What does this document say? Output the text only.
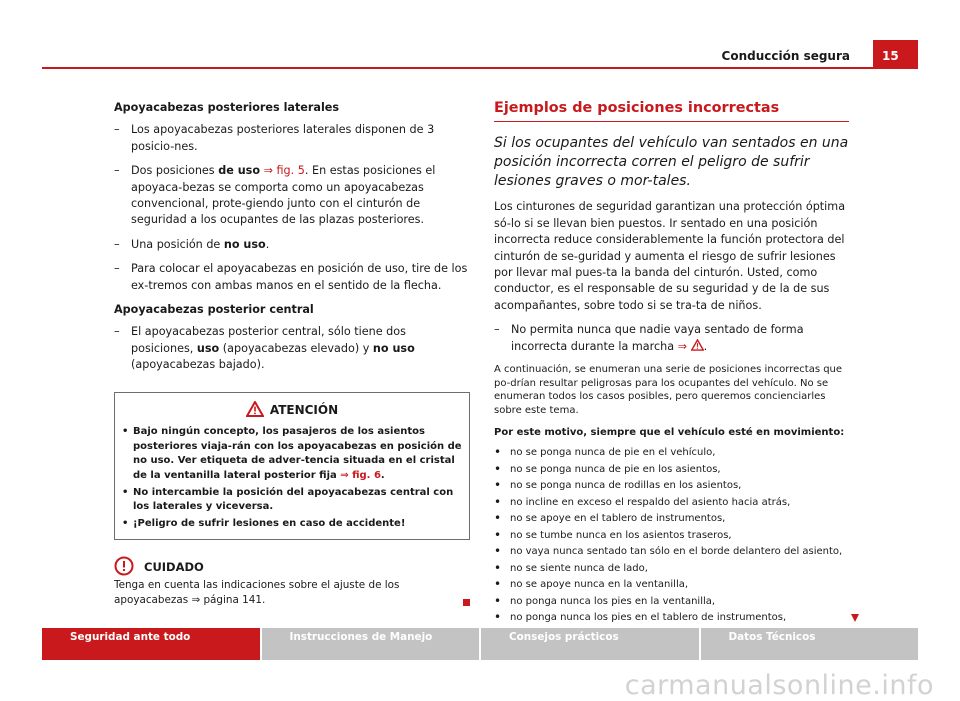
Conducción segura	15
Apoyacabezas posteriores laterales
– Los apoyacabezas posteriores laterales disponen de 3 posicio-nes.
– Dos posiciones de uso ⇒ fig. 5. En estas posiciones el apoyaca-bezas se comporta como un apoyacabezas convencional, prote-giendo junto con el cinturón de seguridad a los ocupantes de las plazas posteriores.
– Una posición de no uso.
– Para colocar el apoyacabezas en posición de uso, tire de los ex-tremos con ambas manos en el sentido de la flecha.
Apoyacabezas posterior central
– El apoyacabezas posterior central, sólo tiene dos posiciones, uso (apoyacabezas elevado) y no uso (apoyacabezas bajado).
ATENCIÓN
• Bajo ningún concepto, los pasajeros de los asientos posteriores viaja-rán con los apoyacabezas en posición de no uso. Ver etiqueta de adver-tencia situada en el cristal de la ventanilla lateral posterior fija ⇒ fig. 6.
• No intercambie la posición del apoyacabezas central con los laterales y viceversa.
• ¡Peligro de sufrir lesiones en caso de accidente!
CUIDADO
Tenga en cuenta las indicaciones sobre el ajuste de los apoyacabezas ⇒ página 141.
Ejemplos de posiciones incorrectas
Si los ocupantes del vehículo van sentados en una posición incorrecta corren el peligro de sufrir lesiones graves o mor-tales.
Los cinturones de seguridad garantizan una protección óptima só-lo si se llevan bien puestos. Ir sentado en una posición incorrecta reduce considerablemente la función protectora del cinturón de se-guridad y aumenta el riesgo de sufrir lesiones por llevar mal pues-ta la banda del cinturón. Usted, como conductor, es el responsable de su seguridad y de la de sus acompañantes, sobre todo si se tra-ta de niños.
– No permita nunca que nadie vaya sentado de forma incorrecta durante la marcha ⇒ .
A continuación, se enumeran una serie de posiciones incorrectas que po-drían resultar peligrosas para los ocupantes del vehículo. No se enumeran todos los casos posibles, pero queremos concienciarles sobre este tema.
Por este motivo, siempre que el vehículo esté en movimiento:
• no se ponga nunca de pie en el vehículo,
• no se ponga nunca de pie en los asientos,
• no se ponga nunca de rodillas en los asientos,
• no incline en exceso el respaldo del asiento hacia atrás,
• no se apoye en el tablero de instrumentos,
• no se tumbe nunca en los asientos traseros,
• no vaya nunca sentado tan sólo en el borde delantero del asiento,
• no se siente nunca de lado,
• no se apoye nunca en la ventanilla,
• no ponga nunca los pies en la ventanilla,
• no ponga nunca los pies en el tablero de instrumentos,
Seguridad ante todo	Instrucciones de Manejo	Consejos prácticos	Datos Técnicos
carmanualsonline.info
